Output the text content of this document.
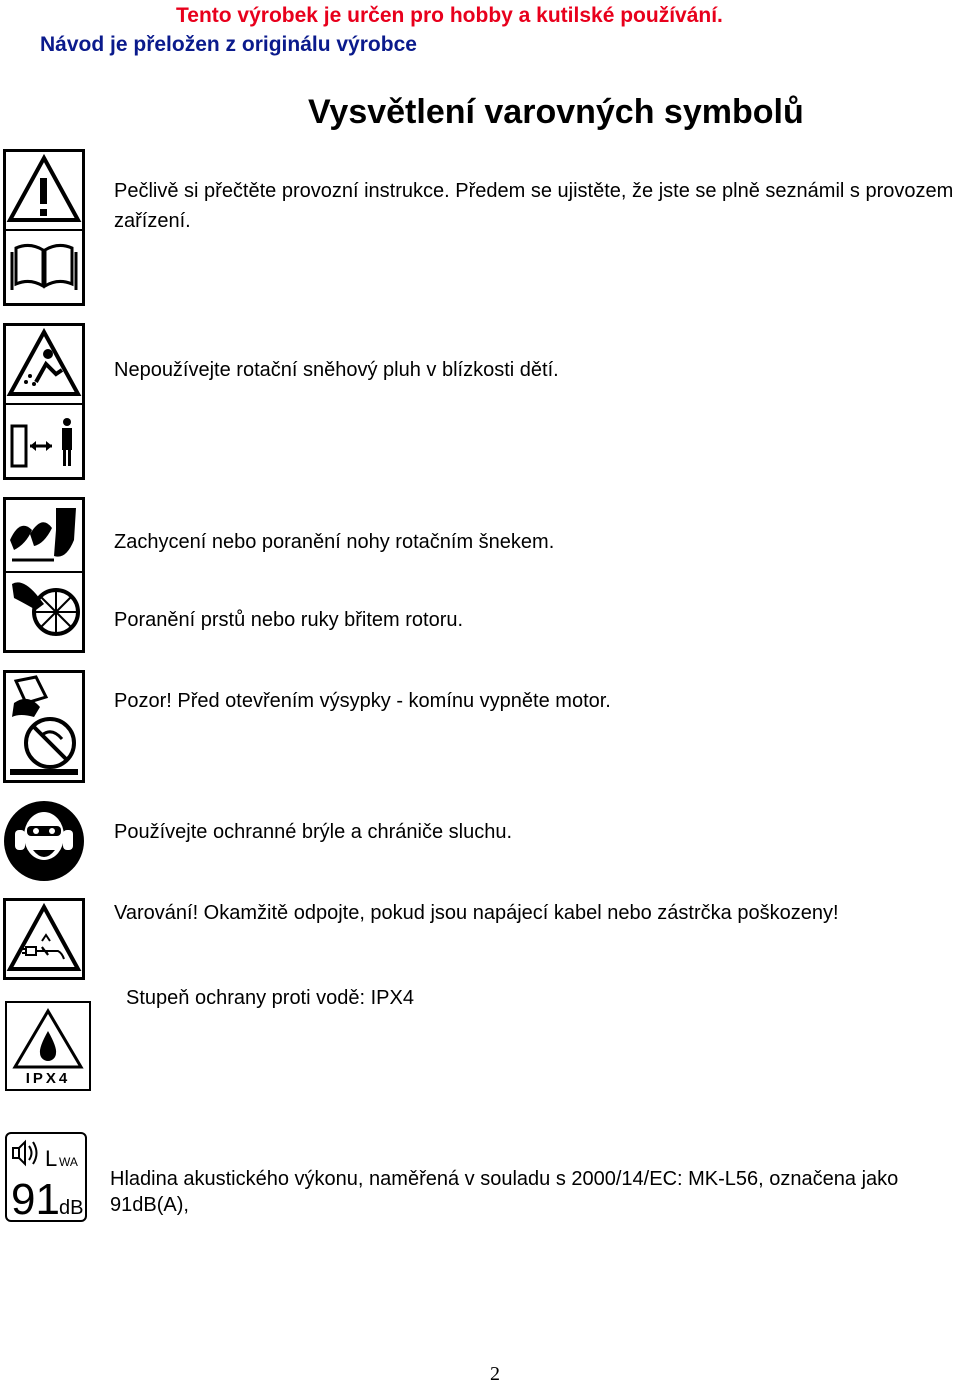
Tento výrobek je určen pro hobby a kutilské používání.
Návod je přeložen z originálu výrobce
Vysvětlení varovných symbolů
Pečlivě si přečtěte provozní instrukce. Předem se ujistěte, že jste se plně seznámil s provozem zařízení.
Nepoužívejte rotační sněhový pluh v blízkosti dětí.
Zachycení nebo poranění nohy rotačním šnekem.
Poranění prstů nebo ruky břitem rotoru.
Pozor! Před otevřením výsypky - komínu vypněte motor.
Používejte ochranné brýle a chrániče sluchu.
Varování! Okamžitě odpojte, pokud jsou napájecí kabel nebo zástrčka poškozeny!
IPX4
Stupeň ochrany proti vodě: IPX4
L WA
91 dB
Hladina akustického výkonu, naměřená v souladu s 2000/14/EC: MK-L56, označena jako 91dB(A),
2
